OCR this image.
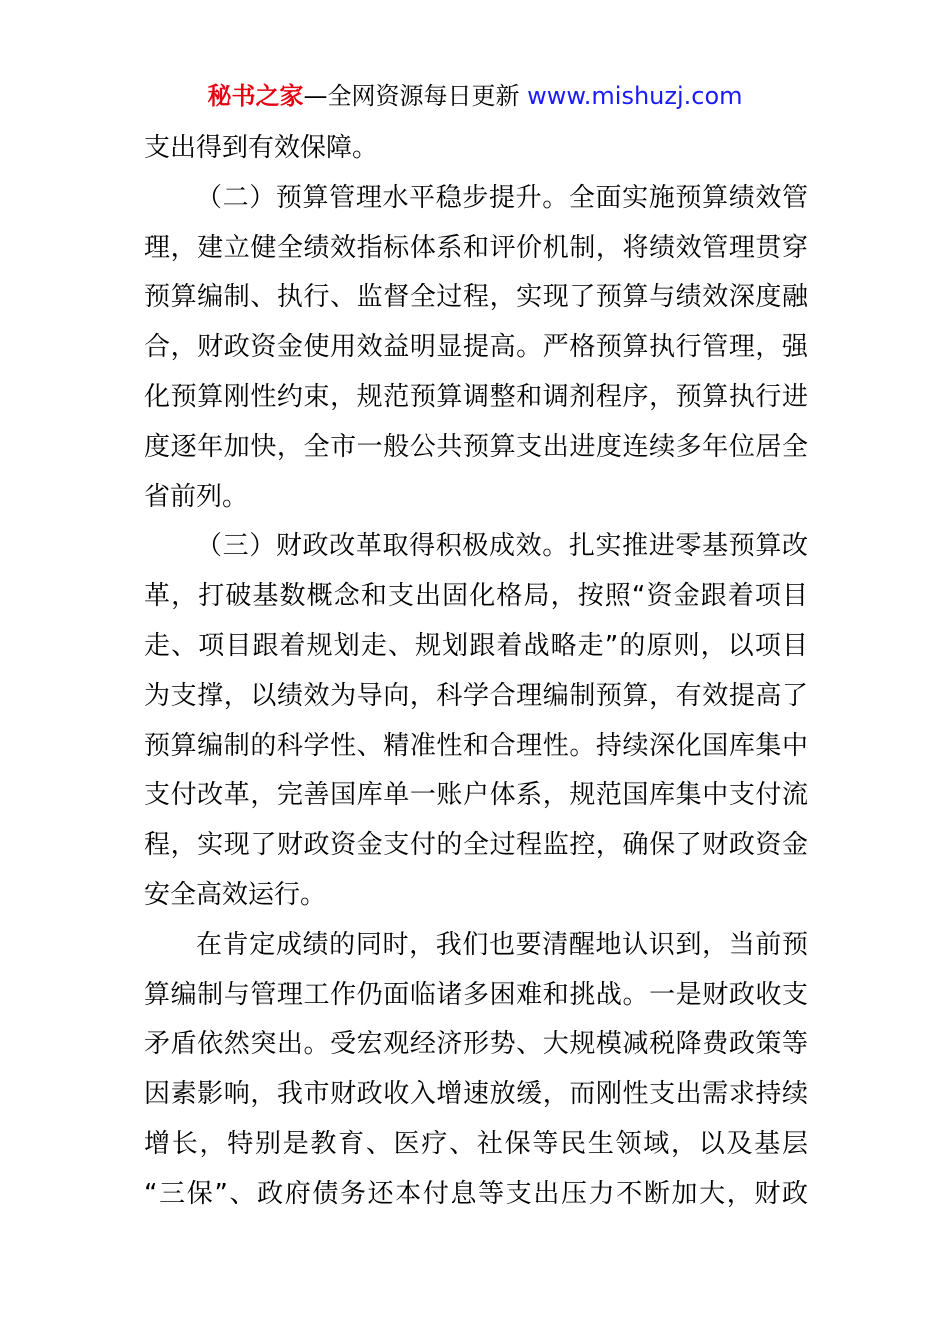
秘书之家—全网资源每日更新 www.mishuzj.com
支出得到有效保障。
（二）预算管理水平稳步提升。全面实施预算绩效管
理，建立健全绩效指标体系和评价机制，将绩效管理贯穿
预算编制、执行、监督全过程，实现了预算与绩效深度融
合，财政资金使用效益明显提高。严格预算执行管理，强
化预算刚性约束，规范预算调整和调剂程序，预算执行进
度逐年加快，全市一般公共预算支出进度连续多年位居全
省前列。
（三）财政改革取得积极成效。扎实推进零基预算改
革，打破基数概念和支出固化格局，按照“资金跟着项目
走、项目跟着规划走、规划跟着战略走”的原则，以项目
为支撑，以绩效为导向，科学合理编制预算，有效提高了
预算编制的科学性、精准性和合理性。持续深化国库集中
支付改革，完善国库单一账户体系，规范国库集中支付流
程，实现了财政资金支付的全过程监控，确保了财政资金
安全高效运行。
在肯定成绩的同时，我们也要清醒地认识到，当前预
算编制与管理工作仍面临诸多困难和挑战。一是财政收支
矛盾依然突出。受宏观经济形势、大规模减税降费政策等
因素影响，我市财政收入增速放缓，而刚性支出需求持续
增长，特别是教育、医疗、社保等民生领域，以及基层
“三保”、政府债务还本付息等支出压力不断加大，财政
